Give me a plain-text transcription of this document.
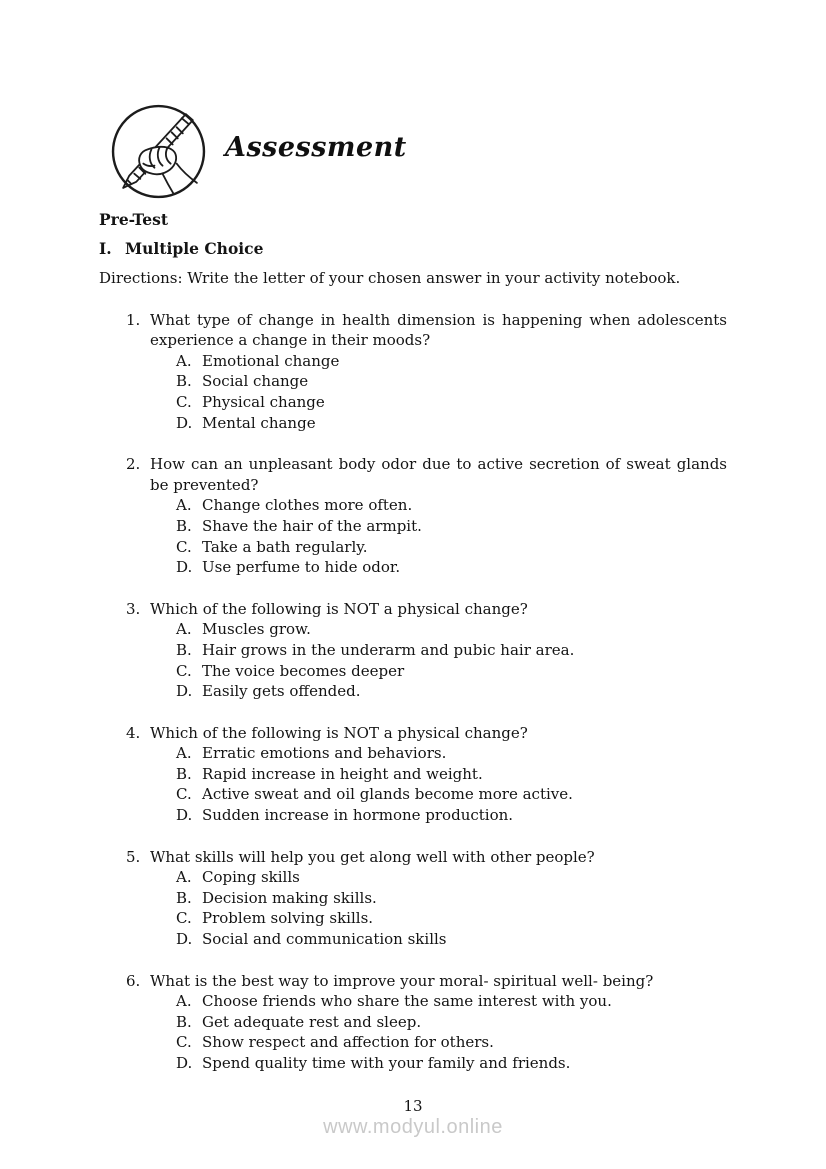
Assessment
Pre-Test
I. Multiple Choice

Directions: Write the letter of your chosen answer in your activity notebook.

1. What type of change in health dimension is happening when adolescents experience a change in their moods?

A. Emotional change
B. Social change
C. Physical change
D. Mental change
2. How can an unpleasant body odor due to active secretion of sweat glands be prevented?

A. Change clothes more often.
B. Shave the hair of the armpit.
C. Take a bath regularly.
D. Use perfume to hide odor.
3. Which of the following is NOT a physical change?

A. Muscles grow.
B. Hair grows in the underarm and pubic hair area.
C. The voice becomes deeper
D. Easily gets offended.
4. Which of the following is NOT a physical change?

A. Erratic emotions and behaviors.
B. Rapid increase in height and weight.
C. Active sweat and oil glands become more active.
D. Sudden increase in hormone production.
5. What skills will help you get along well with other people?

A. Coping skills
B. Decision making skills.
C. Problem solving skills.
D. Social and communication skills
6. What is the best way to improve your moral- spiritual well- being?

A. Choose friends who share the same interest with you.
B. Get adequate rest and sleep.
C. Show respect and affection for others.
D. Spend quality time with your family and friends.
13
www.modyul.online
